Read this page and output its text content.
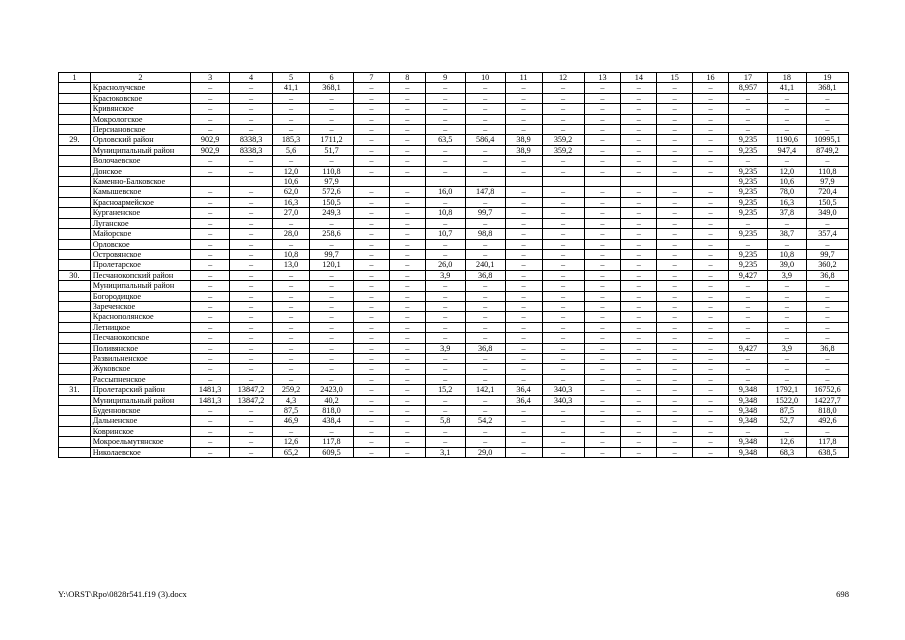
1	2	3	4	5	6	7	8	9	10	11	12	13	14	15	16	17	18	19
	Краснолучское	–	–	41,1	368,1	–	–	–	–	–	–	–	–	–	–	8,957	41,1	368,1
	Красюковское	–	–	–	–	–	–	–	–	–	–	–	–	–	–	–	–	–
	Кривянское	–	–	–	–	–	–	–	–	–	–	–	–	–	–	–	–	–
	Мокрологское	–	–	–	–	–	–	–	–	–	–	–	–	–	–	–	–	–
	Персиановское	–	–	–	–	–	–	–	–	–	–	–	–	–	–	–	–	–
29.	Орловский район	902,9	8338,3	185,3	1711,2	–	–	63,5	586,4	38,9	359,2	–	–	–	–	9,235	1190,6	10995,1
	Муниципальный район	902,9	8338,3	5,6	51,7	–	–	–	–	38,9	359,2	–	–	–	–	9,235	947,4	8749,2
	Волочаевское	–	–	–	–	–	–	–	–	–	–	–	–	–	–	–	–	–
	Донское	–	–	12,0	110,8	–	–	–	–	–	–	–	–	–	–	9,235	12,0	110,8
	Каменно-Балковское			10,6	97,9											9,235	10,6	97,9
	Камышевское	–	–	62,0	572,6	–	–	16,0	147,8	–	–	–	–	–	–	9,235	78,0	720,4
	Красноармейское	–	–	16,3	150,5	–	–	–	–	–	–	–	–	–	–	9,235	16,3	150,5
	Курганенское	–	–	27,0	249,3	–	–	10,8	99,7	–	–	–	–	–	–	9,235	37,8	349,0
	Луганское	–	–	–	–	–	–	–	–	–	–	–	–	–	–	–	–	–
	Майорское	–	–	28,0	258,6	–	–	10,7	98,8	–	–	–	–	–	–	9,235	38,7	357,4
	Орловское	–	–	–	–	–	–	–	–	–	–	–	–	–	–	–	–	–
	Островянское	–	–	10,8	99,7	–	–	–	–	–	–	–	–	–	–	9,235	10,8	99,7
	Пролетарское	–	–	13,0	120,1	–	–	26,0	240,1	–	–	–	–	–	–	9,235	39,0	360,2
30.	Песчанокопский район	–	–	–	–	–	–	3,9	36,8	–	–	–	–	–	–	9,427	3,9	36,8
	Муниципальный район	–	–	–	–	–	–	–	–	–	–	–	–	–	–	–	–	–
	Богородицкое	–	–	–	–	–	–	–	–	–	–	–	–	–	–	–	–	–
	Зареченское	–	–	–	–	–	–	–	–	–	–	–	–	–	–	–	–	–
	Краснополянское	–	–	–	–	–	–	–	–	–	–	–	–	–	–	–	–	–
	Летницкое	–	–	–	–	–	–	–	–	–	–	–	–	–	–	–	–	–
	Песчанокопское	–	–	–	–	–	–	–	–	–	–	–	–	–	–	–	–	–
	Поливянское	–	–	–	–	–	–	3,9	36,8	–	–	–	–	–	–	9,427	3,9	36,8
	Развильненское	–	–	–	–	–	–	–	–	–	–	–	–	–	–	–	–	–
	Жуковское	–	–	–	–	–	–	–	–	–	–	–	–	–	–	–	–	–
	Рассыпненское	–	–	–	–	–	–	–	–	–	–	–	–	–	–	–	–	–
31.	Пролетарский район	1481,3	13847,2	259,2	2423,0	–	–	15,2	142,1	36,4	340,3	–	–	–	–	9,348	1792,1	16752,6
	Муниципальный район	1481,3	13847,2	4,3	40,2	–	–	–	–	36,4	340,3	–	–	–	–	9,348	1522,0	14227,7
	Буденновское	–	–	87,5	818,0	–	–	–	–	–	–	–	–	–	–	9,348	87,5	818,0
	Дальненское	–	–	46,9	438,4	–	–	5,8	54,2	–	–	–	–	–	–	9,348	52,7	492,6
	Ковринское	–	–	–	–	–	–	–	–	–	–	–	–	–	–	–	–	–
	Мокроельмутянское	–	–	12,6	117,8	–	–	–	–	–	–	–	–	–	–	9,348	12,6	117,8
	Николаевское	–	–	65,2	609,5	–	–	3,1	29,0	–	–	–	–	–	–	9,348	68,3	638,5
Y:\ORST\Rpo\0828r541.f19 (3).docx	698
